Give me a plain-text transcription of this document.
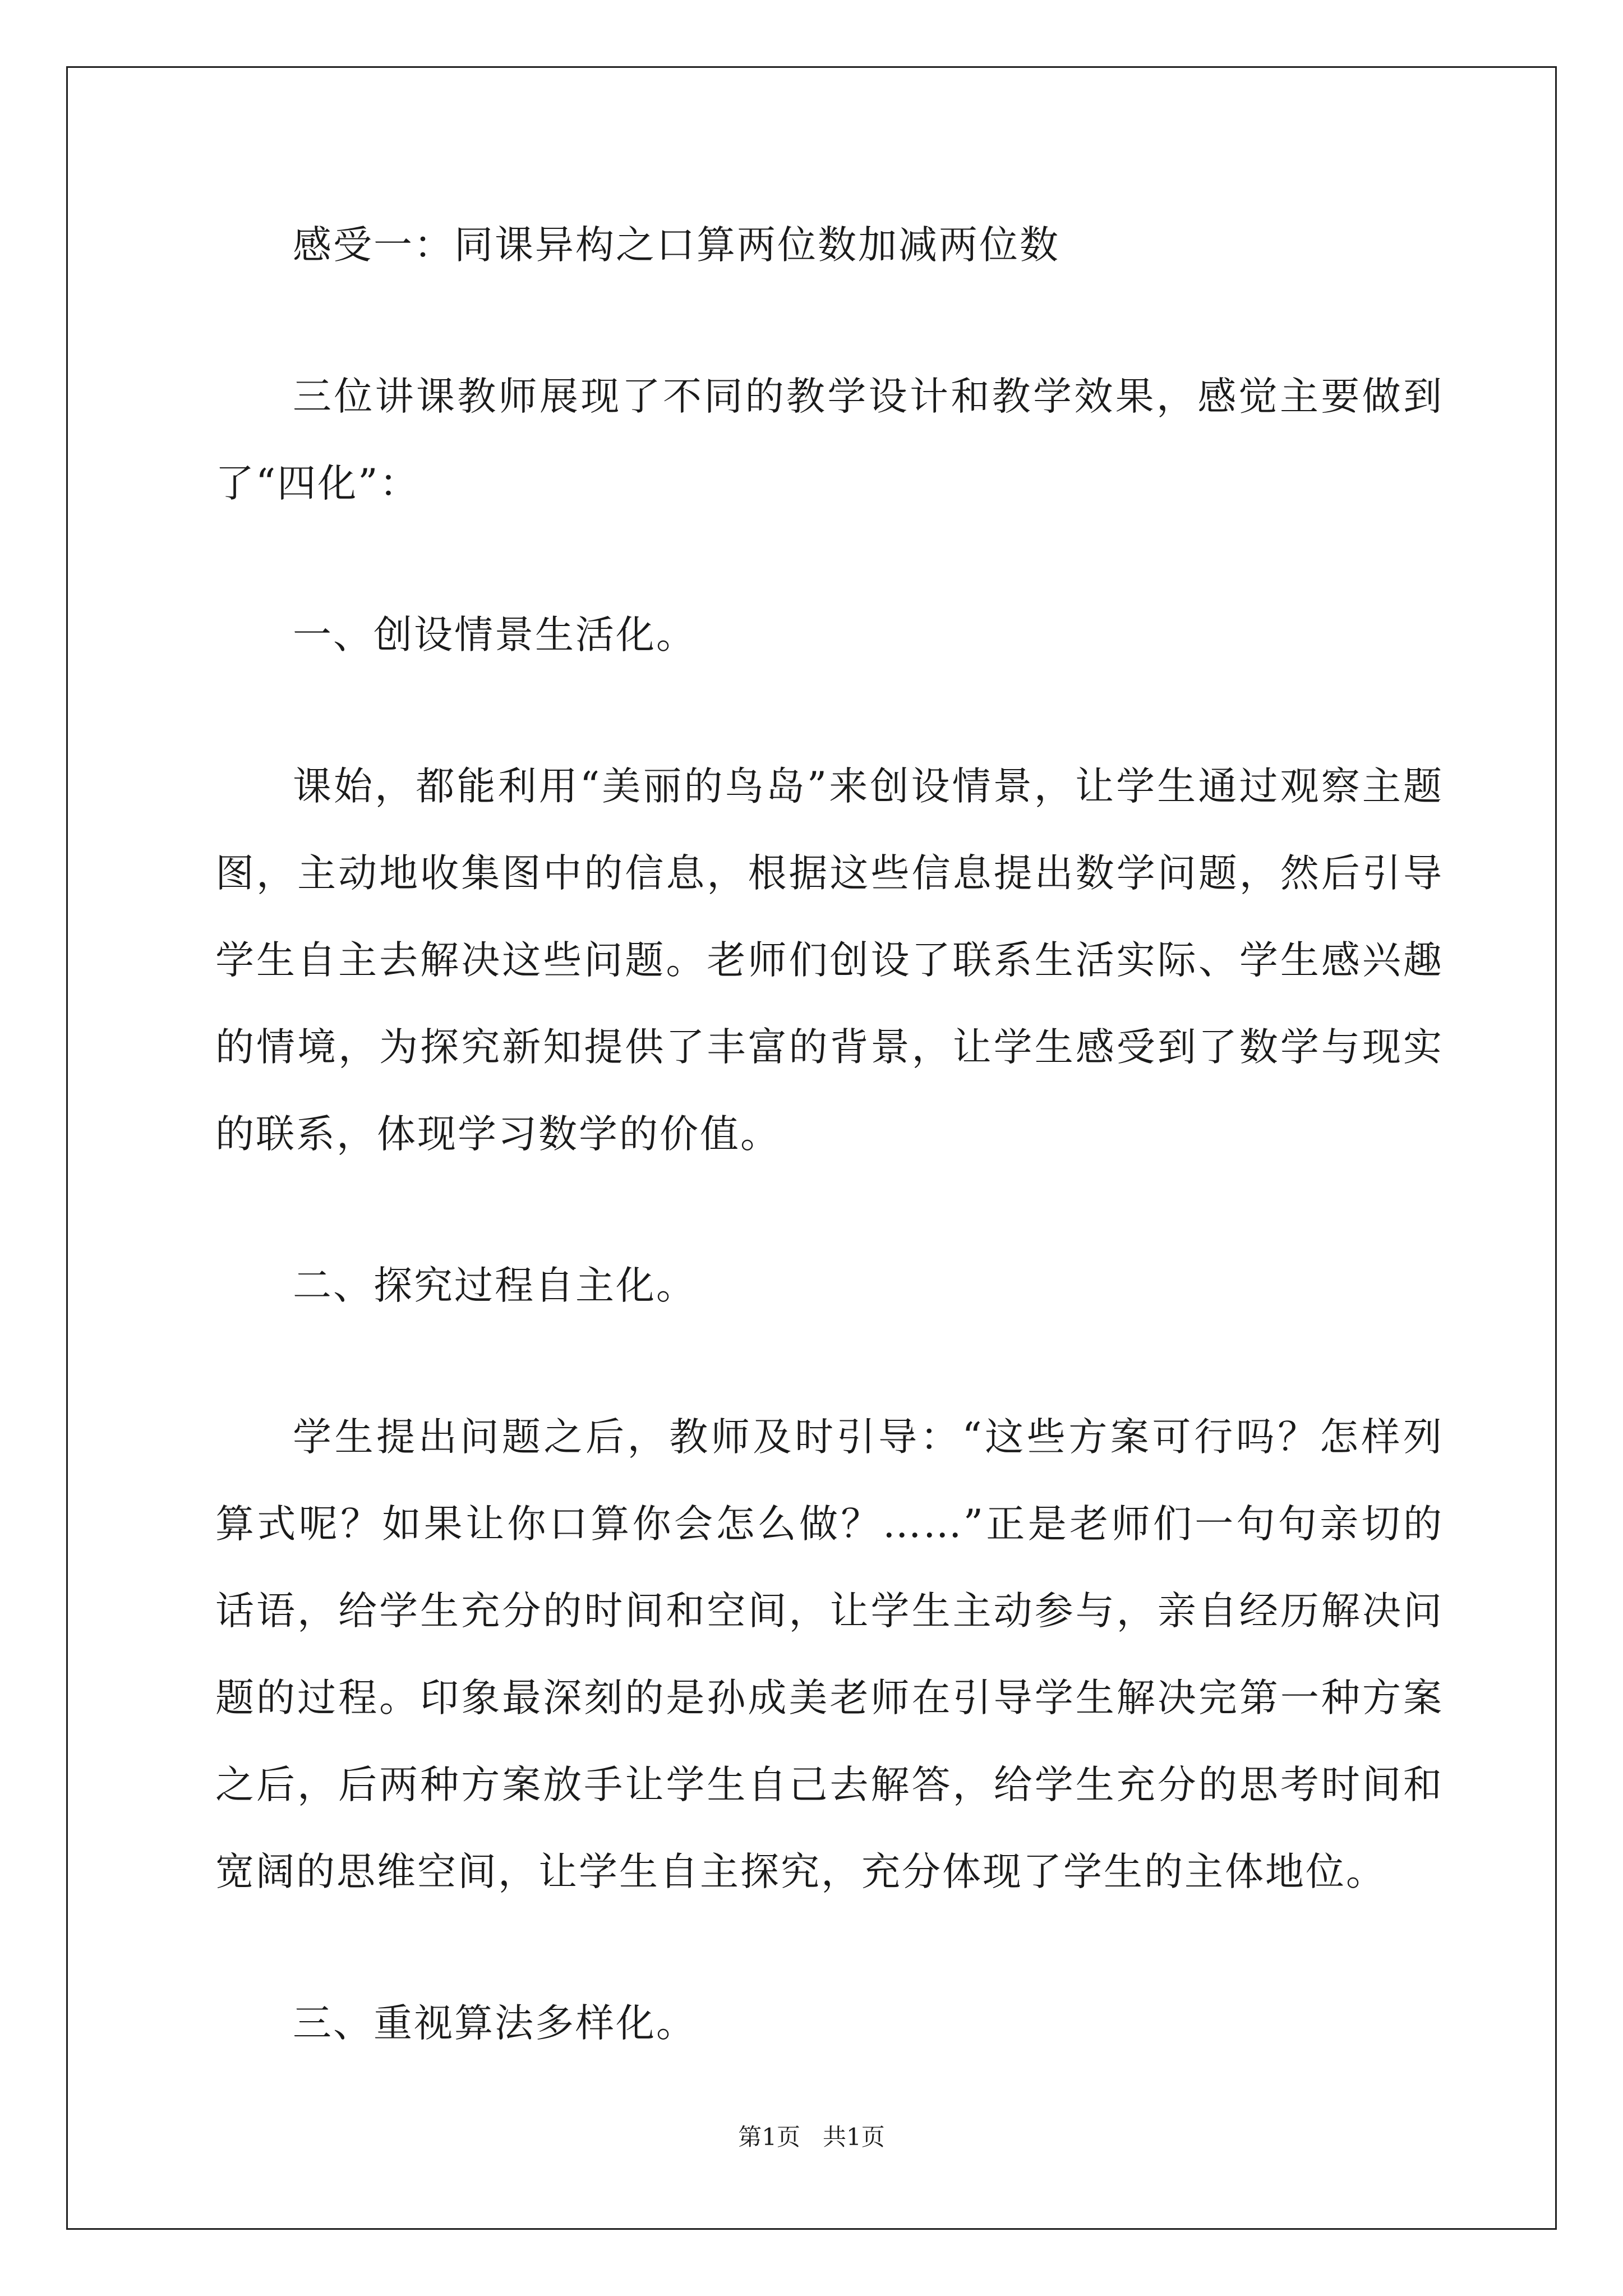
感受一：同课异构之口算两位数加减两位数

三位讲课教师展现了不同的教学设计和教学效果，感觉主要做到了“四化”：

一、创设情景生活化。

课始，都能利用“美丽的鸟岛”来创设情景，让学生通过观察主题图，主动地收集图中的信息，根据这些信息提出数学问题，然后引导学生自主去解决这些问题。老师们创设了联系生活实际、学生感兴趣的情境，为探究新知提供了丰富的背景，让学生感受到了数学与现实的联系，体现学习数学的价值。

二、探究过程自主化。

学生提出问题之后，教师及时引导：“这些方案可行吗？怎样列算式呢？如果让你口算你会怎么做？……”正是老师们一句句亲切的话语，给学生充分的时间和空间，让学生主动参与，亲自经历解决问题的过程。印象最深刻的是孙成美老师在引导学生解决完第一种方案之后，后两种方案放手让学生自己去解答，给学生充分的思考时间和宽阔的思维空间，让学生自主探究，充分体现了学生的主体地位。

三、重视算法多样化。

第1页   共1页
